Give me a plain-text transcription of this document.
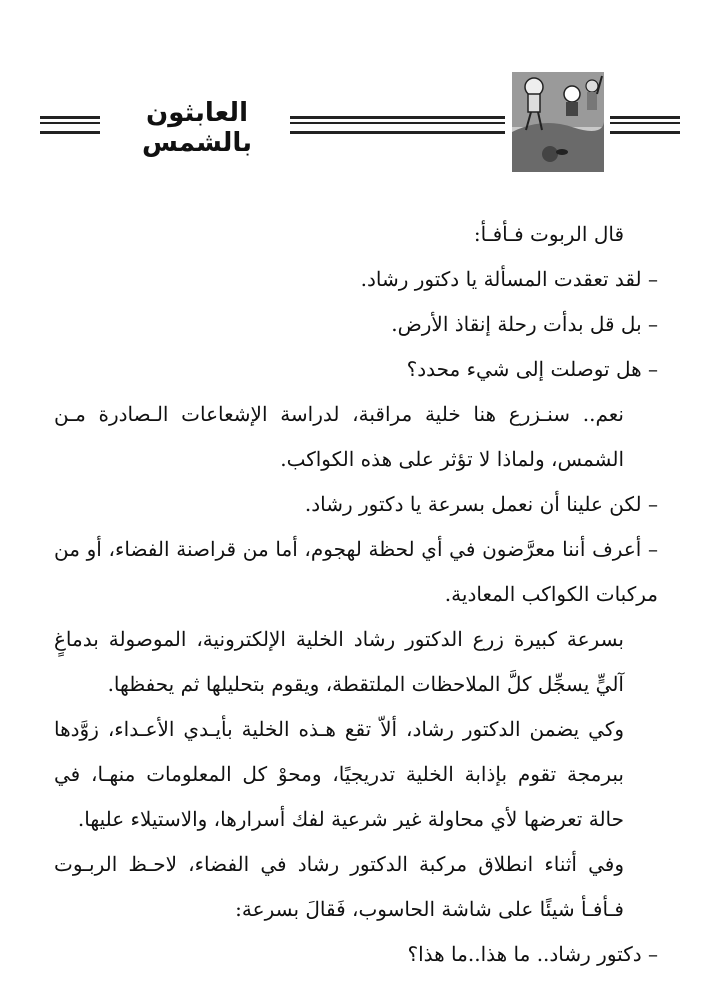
العابثون بالشمس

قال الربوت فـأفـأ:

– لقد تعقدت المسألة يا دكتور رشاد.

– بل قل بدأت رحلة إنقاذ الأرض.

– هل توصلت إلى شيء محدد؟

نعم.. سنـزرع هنا خلية مراقبة، لدراسة الإشعاعات الـصادرة مـن الشمس، ولماذا لا تؤثر على هذه الكواكب.

– لكن علينا أن نعمل بسرعة يا دكتور رشاد.

– أعرف أننا معرَّضون في أي لحظة لهجوم، أما من قراصنة الفضاء، أو من مركبات الكواكب المعادية.

بسرعة كبيرة زرع الدكتور رشاد الخلية الإلكترونية، الموصولة بدماغٍ آليٍّ يسجِّل كلَّ الملاحظات الملتقطة، ويقوم بتحليلها ثم يحفظها.

وكي يضمن الدكتور رشاد، ألاّ تقع هـذه الخلية بأيـدي الأعـداء، زوَّدها ببرمجة تقوم بإذابة الخلية تدريجيًا، ومحوْ كل المعلومات منهـا، في حالة تعرضها لأي محاولة غير شرعية لفك أسرارها، والاستيلاء عليها.

وفي أثناء انطلاق مركبة الدكتور رشاد في الفضاء، لاحـظ الربـوت فـأفـأ شيئًا على شاشة الحاسوب، فَقالَ بسرعة:

– دكتور رشاد.. ما هذا..ما هذا؟
